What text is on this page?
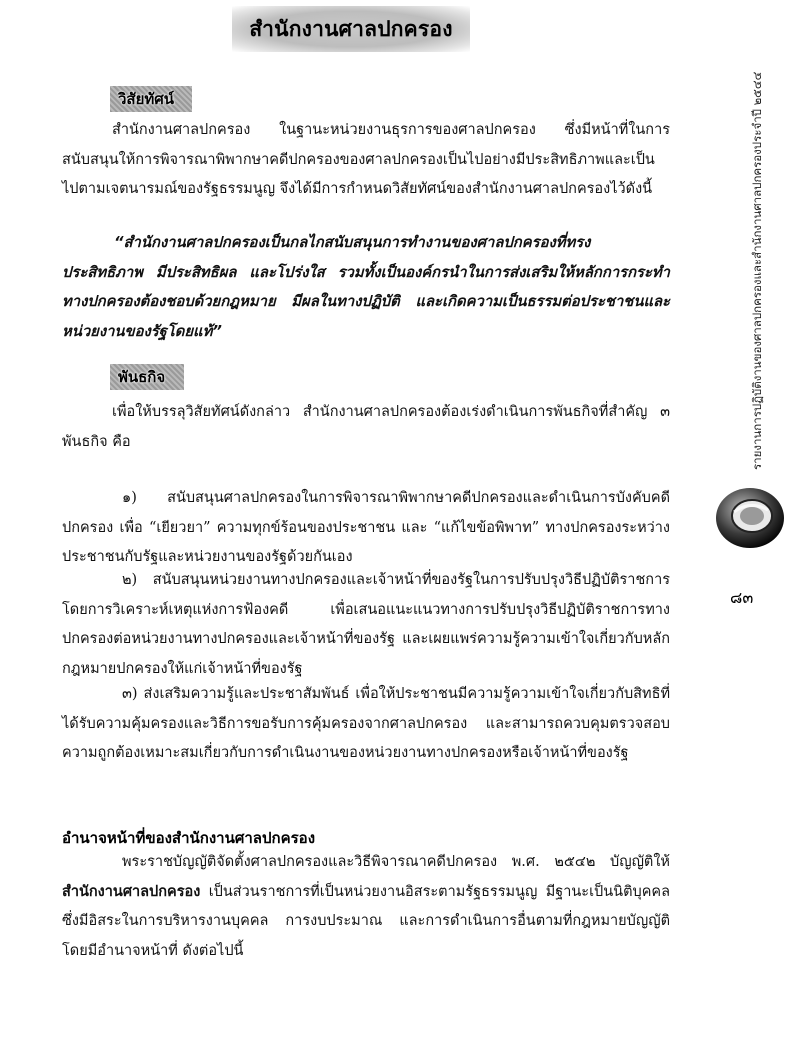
สำนักงานศาลปกครอง
วิสัยทัศน์

สำนักงานศาลปกครอง ในฐานะหน่วยงานธุรการของศาลปกครอง ซึ่งมีหน้าที่ในการสนับสนุนให้การพิจารณาพิพากษาคดีปกครองของศาลปกครองเป็นไปอย่างมีประสิทธิภาพและเป็นไปตามเจตนารมณ์ของรัฐธรรมนูญ จึงได้มีการกำหนดวิสัยทัศน์ของสำนักงานศาลปกครองไว้ดังนี้

“สำนักงานศาลปกครองเป็นกลไกสนับสนุนการทำงานของศาลปกครองที่ทรงประสิทธิภาพ มีประสิทธิผล และโปร่งใส รวมทั้งเป็นองค์กรนำในการส่งเสริมให้หลักการกระทำทางปกครองต้องชอบด้วยกฎหมาย มีผลในทางปฏิบัติ และเกิดความเป็นธรรมต่อประชาชนและหน่วยงานของรัฐโดยแท้”

พันธกิจ

เพื่อให้บรรลุวิสัยทัศน์ดังกล่าว สำนักงานศาลปกครองต้องเร่งดำเนินการพันธกิจที่สำคัญ ๓ พันธกิจ คือ

๑) สนับสนุนศาลปกครองในการพิจารณาพิพากษาคดีปกครองและดำเนินการบังคับคดีปกครอง เพื่อ “เยียวยา” ความทุกข์ร้อนของประชาชน และ “แก้ไขข้อพิพาท” ทางปกครองระหว่างประชาชนกับรัฐและหน่วยงานของรัฐด้วยกันเอง

๒) สนับสนุนหน่วยงานทางปกครองและเจ้าหน้าที่ของรัฐในการปรับปรุงวิธีปฏิบัติราชการ โดยการวิเคราะห์เหตุแห่งการฟ้องคดี เพื่อเสนอแนะแนวทางการปรับปรุงวิธีปฏิบัติราชการทางปกครองต่อหน่วยงานทางปกครองและเจ้าหน้าที่ของรัฐ และเผยแพร่ความรู้ความเข้าใจเกี่ยวกับหลักกฎหมายปกครองให้แก่เจ้าหน้าที่ของรัฐ

๓) ส่งเสริมความรู้และประชาสัมพันธ์ เพื่อให้ประชาชนมีความรู้ความเข้าใจเกี่ยวกับสิทธิที่ได้รับความคุ้มครองและวิธีการขอรับการคุ้มครองจากศาลปกครอง และสามารถควบคุมตรวจสอบความถูกต้องเหมาะสมเกี่ยวกับการดำเนินงานของหน่วยงานทางปกครองหรือเจ้าหน้าที่ของรัฐ

อำนาจหน้าที่ของสำนักงานศาลปกครอง

พระราชบัญญัติจัดตั้งศาลปกครองและวิธีพิจารณาคดีปกครอง พ.ศ. ๒๕๔๒ บัญญัติให้ สำนักงานศาลปกครอง เป็นส่วนราชการที่เป็นหน่วยงานอิสระตามรัฐธรรมนูญ มีฐานะเป็นนิติบุคคล ซึ่งมีอิสระในการบริหารงานบุคคล การงบประมาณ และการดำเนินการอื่นตามที่กฎหมายบัญญัติ โดยมีอำนาจหน้าที่ ดังต่อไปนี้

รายงานการปฏิบัติงานของศาลปกครองและสำนักงานศาลปกครองประจำปี ๒๕๔๔
๘๓
